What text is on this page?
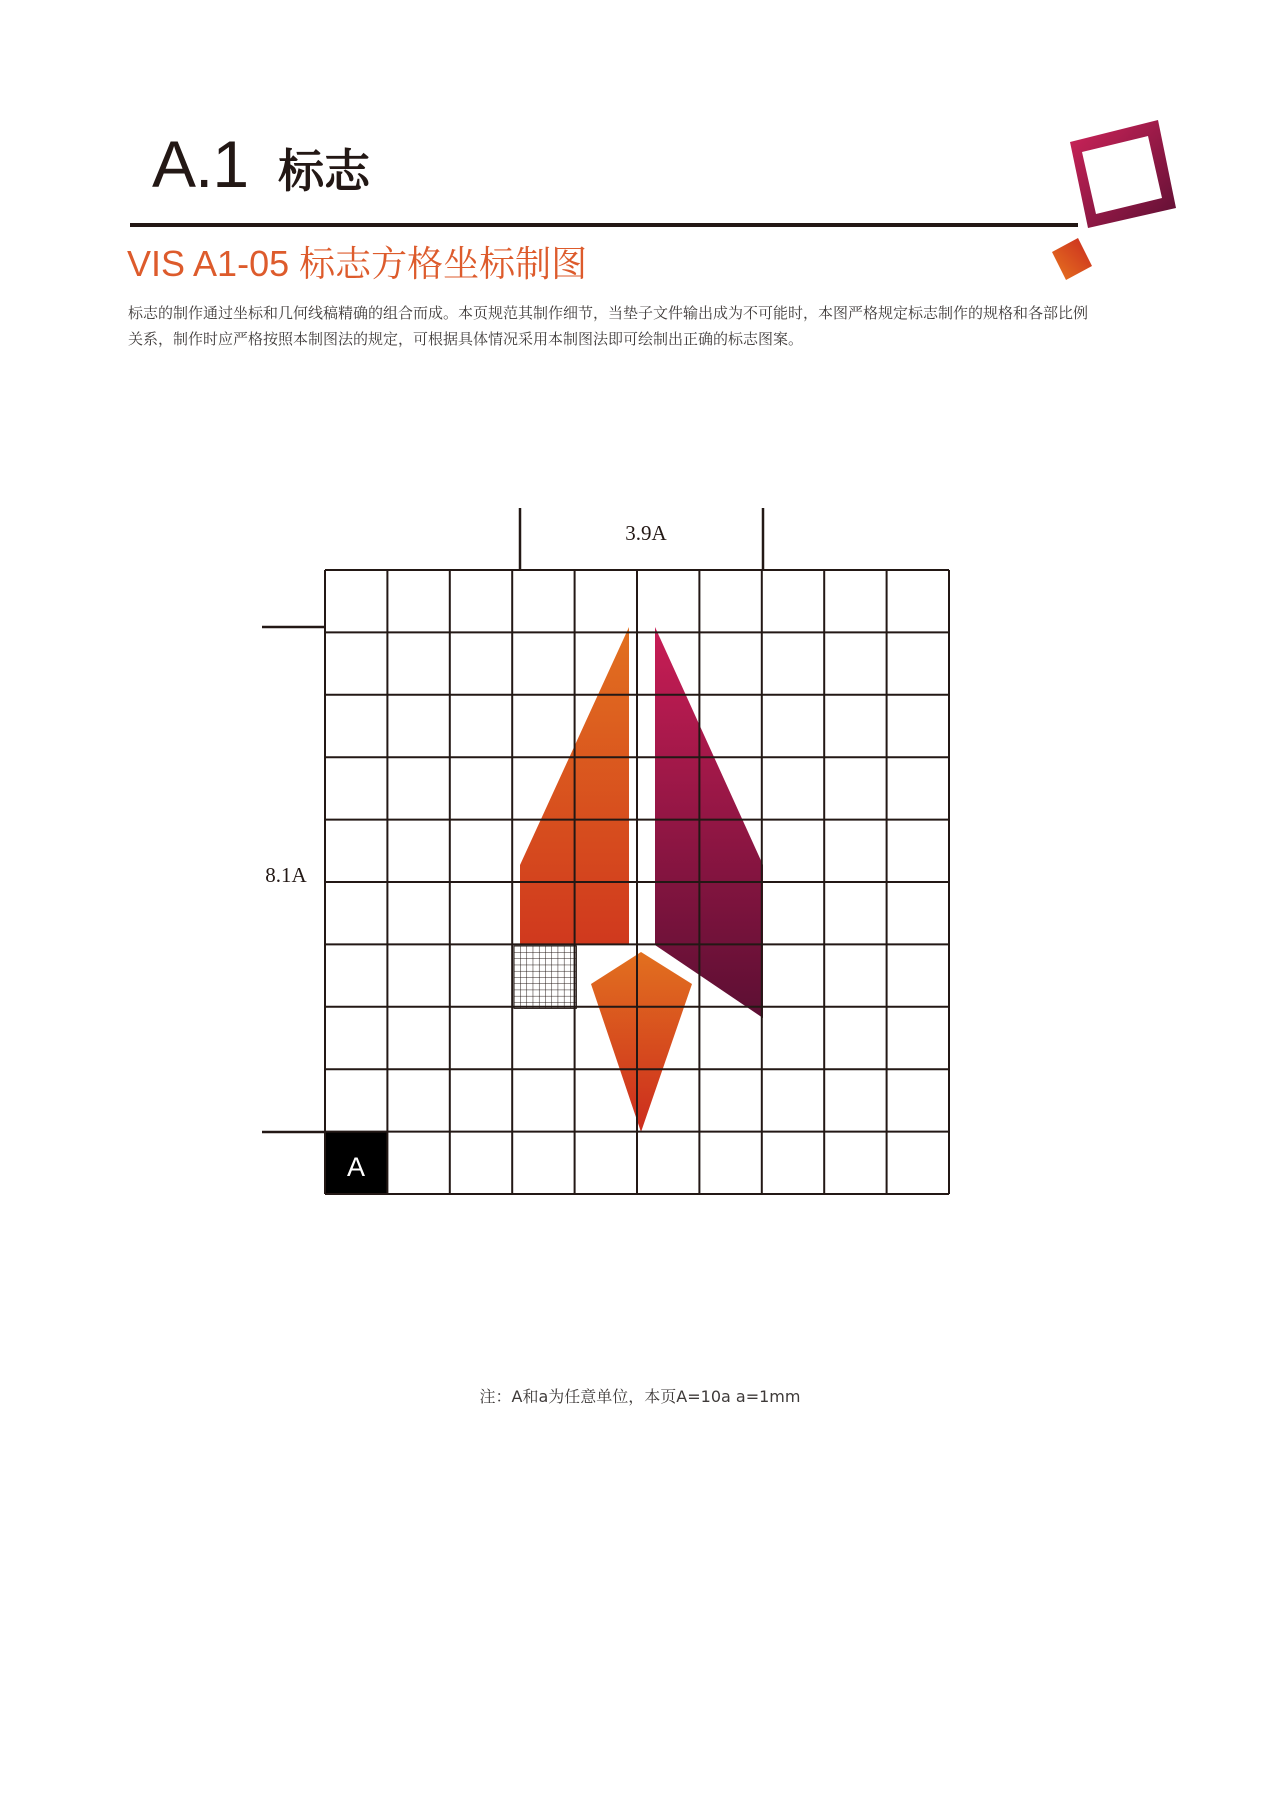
A.1 标志
VIS A1-05 标志方格坐标制图
标志的制作通过坐标和几何线稿精确的组合而成。本页规范其制作细节，当垫子文件输出成为不可能时，本图严格规定标志制作的规格和各部比例关系，制作时应严格按照本制图法的规定，可根据具体情况采用本制图法即可绘制出正确的标志图案。
3.9A
8.1A
A
注：A和a为任意单位，本页A=10a a=1mm
